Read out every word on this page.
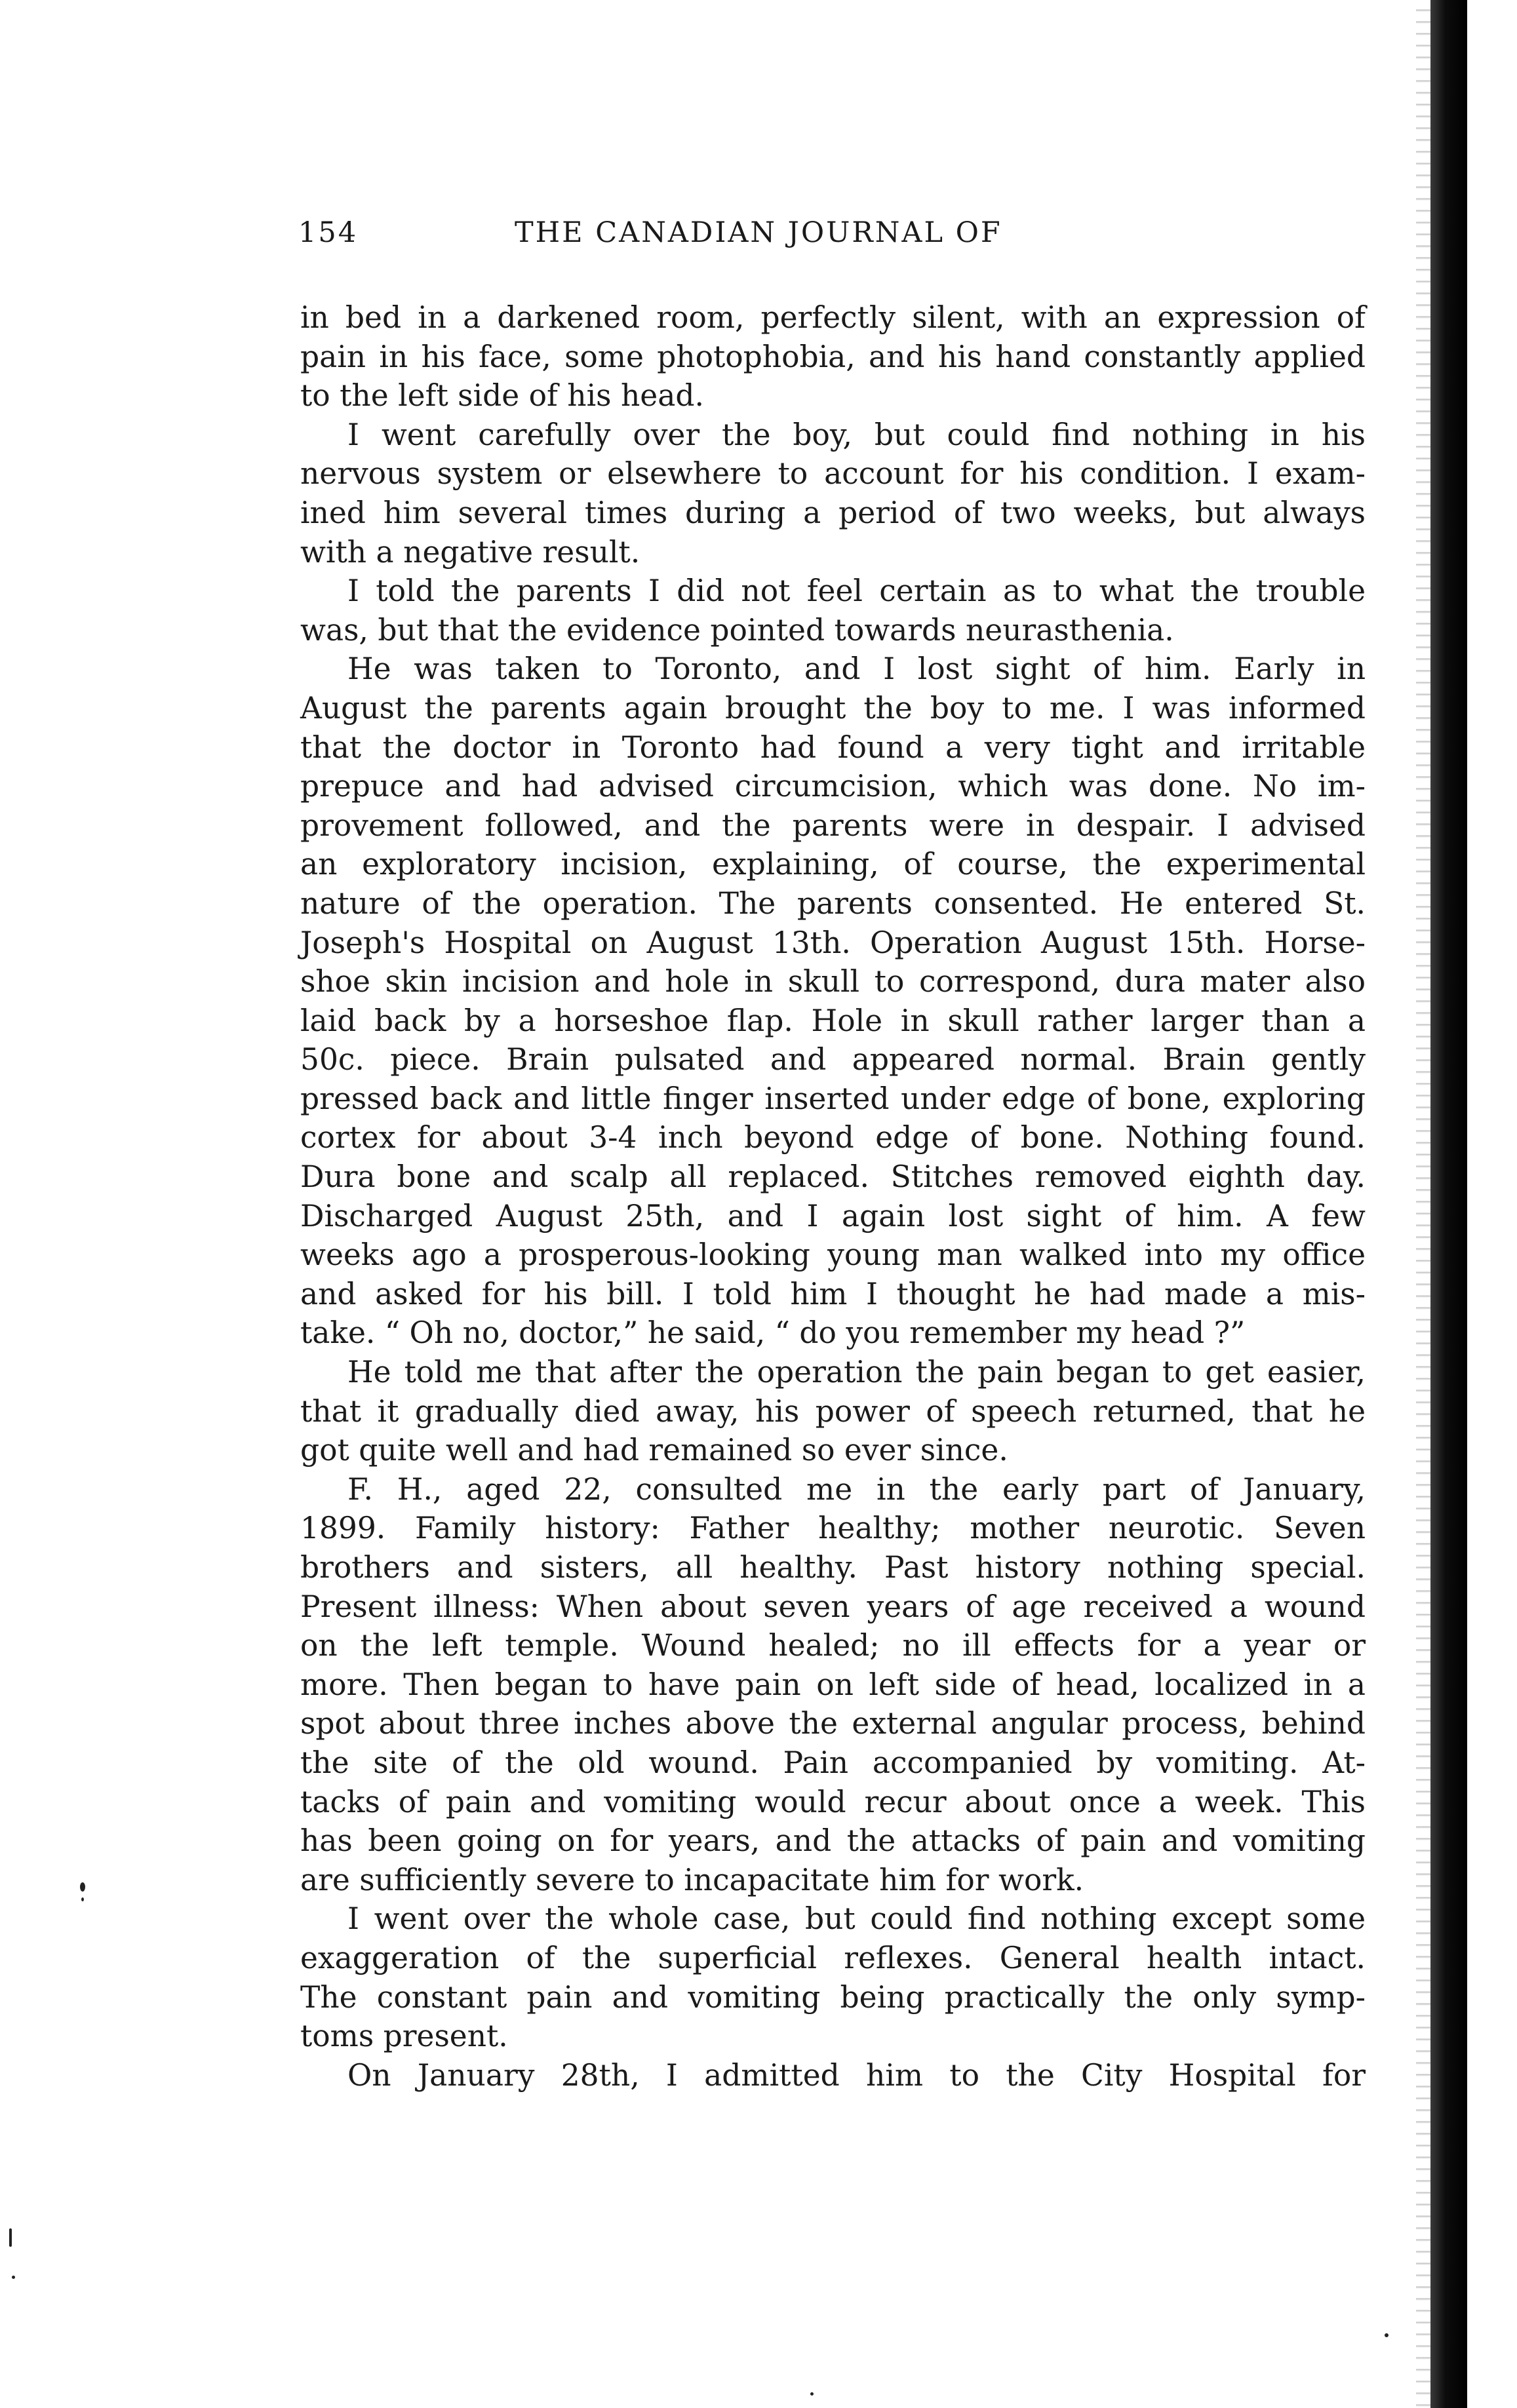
154	THE CANADIAN JOURNAL OF
in bed in a darkened room, perfectly silent, with an expression of
pain in his face, some photophobia, and his hand constantly applied
to the left side of his head.
I went carefully over the boy, but could find nothing in his
nervous system or elsewhere to account for his condition. I exam-
ined him several times during a period of two weeks, but always
with a negative result.
I told the parents I did not feel certain as to what the trouble
was, but that the evidence pointed towards neurasthenia.
He was taken to Toronto, and I lost sight of him. Early in
August the parents again brought the boy to me. I was informed
that the doctor in Toronto had found a very tight and irritable
prepuce and had advised circumcision, which was done. No im-
provement followed, and the parents were in despair. I advised
an exploratory incision, explaining, of course, the experimental
nature of the operation. The parents consented. He entered St.
Joseph's Hospital on August 13th. Operation August 15th. Horse-
shoe skin incision and hole in skull to correspond, dura mater also
laid back by a horseshoe flap. Hole in skull rather larger than a
50c. piece. Brain pulsated and appeared normal. Brain gently
pressed back and little finger inserted under edge of bone, exploring
cortex for about 3-4 inch beyond edge of bone. Nothing found.
Dura bone and scalp all replaced. Stitches removed eighth day.
Discharged August 25th, and I again lost sight of him. A few
weeks ago a prosperous-looking young man walked into my office
and asked for his bill. I told him I thought he had made a mis-
take. “ Oh no, doctor,” he said, “ do you remember my head ?”
He told me that after the operation the pain began to get easier,
that it gradually died away, his power of speech returned, that he
got quite well and had remained so ever since.
F. H., aged 22, consulted me in the early part of January,
1899. Family history: Father healthy; mother neurotic. Seven
brothers and sisters, all healthy. Past history nothing special.
Present illness: When about seven years of age received a wound
on the left temple. Wound healed; no ill effects for a year or
more. Then began to have pain on left side of head, localized in a
spot about three inches above the external angular process, behind
the site of the old wound. Pain accompanied by vomiting. At-
tacks of pain and vomiting would recur about once a week. This
has been going on for years, and the attacks of pain and vomiting
are sufficiently severe to incapacitate him for work.
I went over the whole case, but could find nothing except some
exaggeration of the superficial reflexes. General health intact.
The constant pain and vomiting being practically the only symp-
toms present.
On January 28th, I admitted him to the City Hospital for
